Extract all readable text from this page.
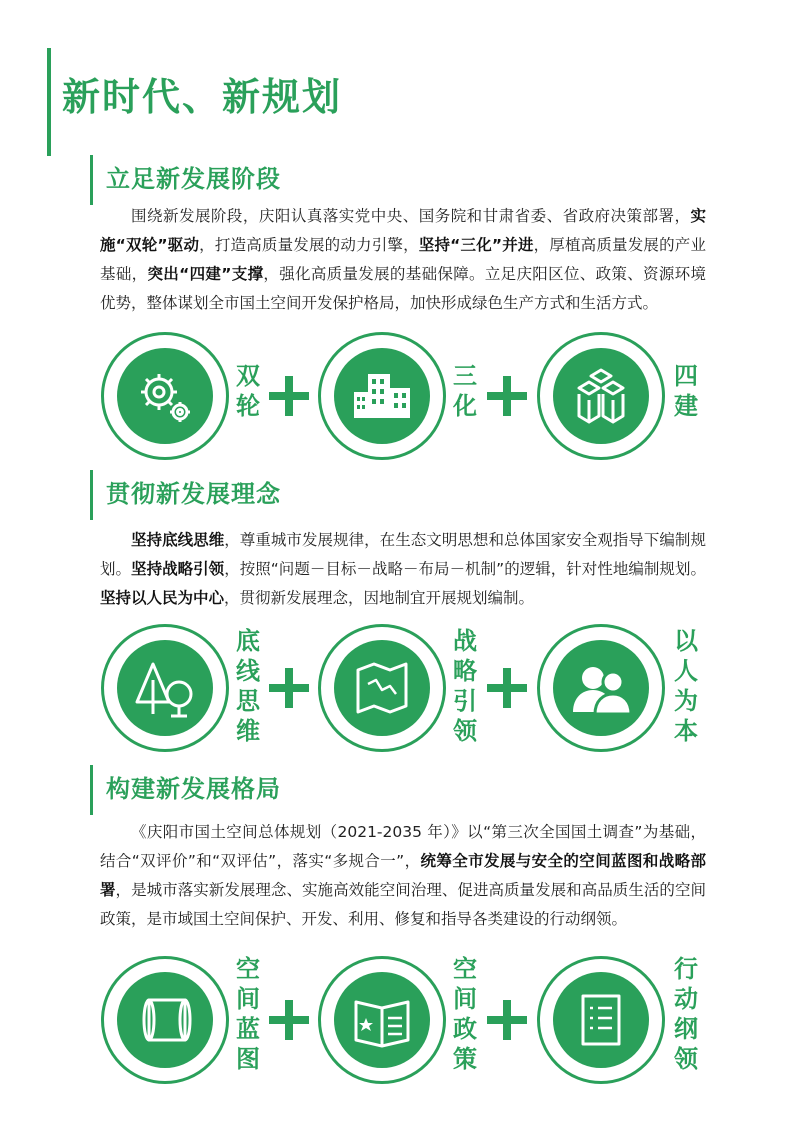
新时代、新规划
立足新发展阶段

围绕新发展阶段，庆阳认真落实党中央、国务院和甘肃省委、省政府决策部署，实施“双轮”驱动，打造高质量发展的动力引擎，坚持“三化”并进，厚植高质量发展的产业基础，突出“四建”支撑，强化高质量发展的基础保障。立足庆阳区位、政策、资源环境优势，整体谋划全市国土空间开发保护格局，加快形成绿色生产方式和生活方式。

贯彻新发展理念

坚持底线思维，尊重城市发展规律，在生态文明思想和总体国家安全观指导下编制规划。坚持战略引领，按照“问题－目标－战略－布局－机制”的逻辑，针对性地编制规划。坚持以人民为中心，贯彻新发展理念，因地制宜开展规划编制。

构建新发展格局

《庆阳市国土空间总体规划（2021-2035 年）》以“第三次全国国土调查”为基础，结合“双评价”和“双评估”，落实“多规合一”，统筹全市发展与安全的空间蓝图和战略部署，是城市落实新发展理念、实施高效能空间治理、促进高质量发展和高品质生活的空间政策，是市域国土空间保护、开发、利用、修复和指导各类建设的行动纲领。

双
轮
三
化
四
建
底
线
思
维
战
略
引
领
以
人
为
本
空
间
蓝
图
空
间
政
策
行
动
纲
领
